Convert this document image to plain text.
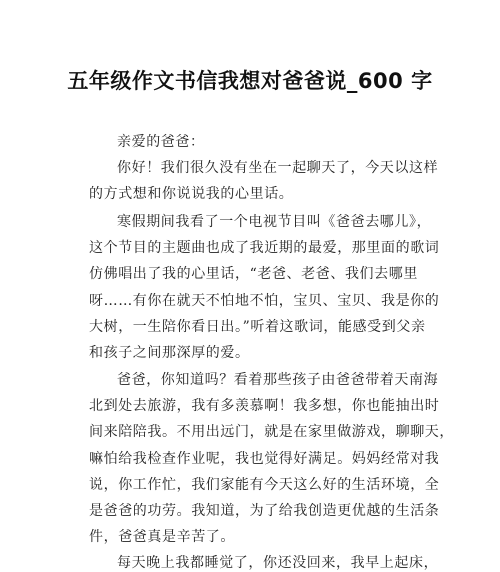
五年级作文书信我想对爸爸说_600 字
亲爱的爸爸：
你好！我们很久没有坐在一起聊天了，今天以这样
的方式想和你说说我的心里话。
寒假期间我看了一个电视节目叫《爸爸去哪儿》，
这个节目的主题曲也成了我近期的最爱，那里面的歌词
仿佛唱出了我的心里话，“老爸、老爸、我们去哪里
呀……有你在就天不怕地不怕，宝贝、宝贝、我是你的
大树，一生陪你看日出。”听着这歌词，能感受到父亲
和孩子之间那深厚的爱。
爸爸，你知道吗？看着那些孩子由爸爸带着天南海
北到处去旅游，我有多羡慕啊！我多想，你也能抽出时
间来陪陪我。不用出远门，就是在家里做游戏，聊聊天，
嘛怕给我检查作业呢，我也觉得好满足。妈妈经常对我
说，你工作忙，我们家能有今天这么好的生活环境，全
是爸爸的功劳。我知道，为了给我创造更优越的生活条
件，爸爸真是辛苦了。
每天晚上我都睡觉了，你还没回来，我早上起床，
